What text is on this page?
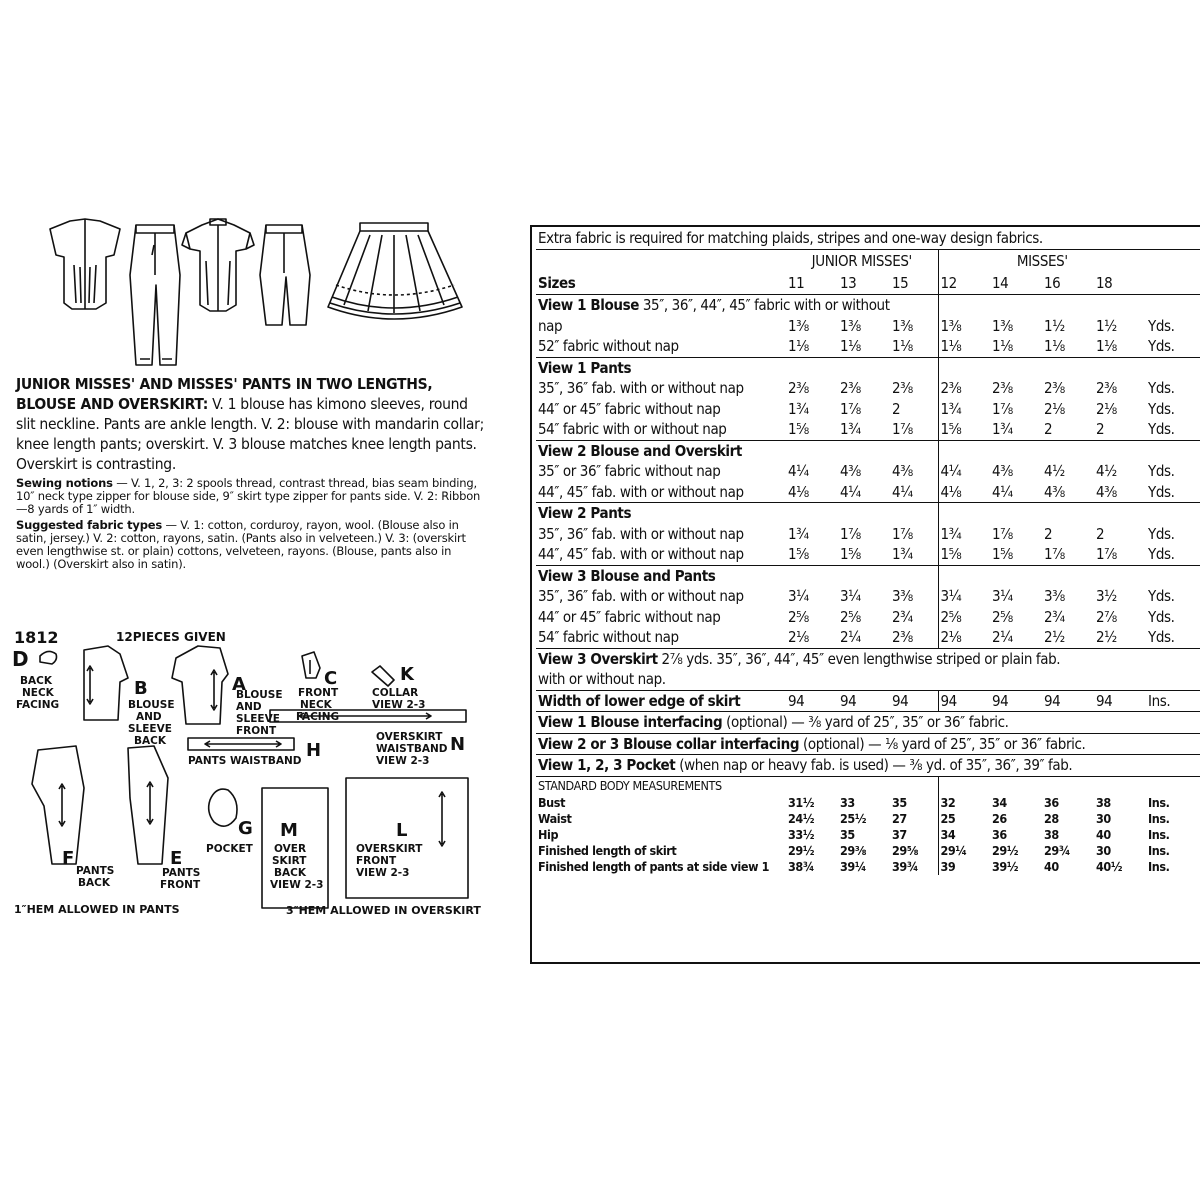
JUNIOR MISSES' AND MISSES' PANTS IN TWO LENGTHS, BLOUSE AND OVERSKIRT: V. 1 blouse has kimono sleeves, round slit neckline. Pants are ankle length. V. 2: blouse with mandarin collar; knee length pants; overskirt. V. 3 blouse matches knee length pants. Overskirt is contrasting.

Sewing notions — V. 1, 2, 3: 2 spools thread, contrast thread, bias seam binding, 10″ neck type zipper for blouse side, 9″ skirt type zipper for pants side. V. 2: Ribbon—8 yards of 1″ width.

Suggested fabric types — V. 1: cotton, corduroy, rayon, wool. (Blouse also in satin, jersey.) V. 2: cotton, rayons, satin. (Pants also in velveteen.) V. 3: (overskirt even lengthwise st. or plain) cottons, velveteen, rayons. (Blouse, pants also in wool.) (Overskirt also in satin).

1812	12PIECES GIVEN
D
BACK
NECK
FACING
B
BLOUSE
AND
SLEEVE
BACK
A
BLOUSE
AND
SLEEVE
FRONT
C
FRONT
NECK
FACING
K
COLLAR
VIEW 2-3
H
PANTS WAISTBAND
N
OVERSKIRT
WAISTBAND
VIEW 2-3
F
PANTS
BACK
E
PANTS
FRONT
G
POCKET
M
OVER
SKIRT
BACK
VIEW 2-3
L
OVERSKIRT
FRONT
VIEW 2-3
1″HEM ALLOWED IN PANTS	3″HEM ALLOWED IN OVERSKIRT
Extra fabric is required for matching plaids, stripes and one-way design fabrics.								
	JUNIOR MISSES'			MISSES'				
Sizes	11	13	15	12	14	16	18	
View 1 Blouse 35″, 36″, 44″, 45″ fabric with or without								
nap	1⅜	1⅜	1⅜	1⅜	1⅜	1½	1½	Yds.
52″ fabric without nap	1⅛	1⅛	1⅛	1⅛	1⅛	1⅛	1⅛	Yds.
View 1 Pants								
35″, 36″ fab. with or without nap	2⅜	2⅜	2⅜	2⅜	2⅜	2⅜	2⅜	Yds.
44″ or 45″ fabric without nap	1¾	1⅞	2	1¾	1⅞	2⅛	2⅛	Yds.
54″ fabric with or without nap	1⅝	1¾	1⅞	1⅝	1¾	2	2	Yds.
View 2 Blouse and Overskirt								
35″ or 36″ fabric without nap	4¼	4⅜	4⅜	4¼	4⅜	4½	4½	Yds.
44″, 45″ fab. with or without nap	4⅛	4¼	4¼	4⅛	4¼	4⅜	4⅜	Yds.
View 2 Pants								
35″, 36″ fab. with or without nap	1¾	1⅞	1⅞	1¾	1⅞	2	2	Yds.
44″, 45″ fab. with or without nap	1⅝	1⅝	1¾	1⅝	1⅝	1⅞	1⅞	Yds.
View 3 Blouse and Pants								
35″, 36″ fab. with or without nap	3¼	3¼	3⅜	3¼	3¼	3⅜	3½	Yds.
44″ or 45″ fabric without nap	2⅝	2⅝	2¾	2⅝	2⅝	2¾	2⅞	Yds.
54″ fabric without nap	2⅛	2¼	2⅜	2⅛	2¼	2½	2½	Yds.
View 3 Overskirt 2⅞ yds. 35″, 36″, 44″, 45″ even lengthwise striped or plain fab.								
with or without nap.								
Width of lower edge of skirt	94	94	94	94	94	94	94	Ins.
View 1 Blouse interfacing (optional) — ⅜ yard of 25″, 35″ or 36″ fabric.								
View 2 or 3 Blouse collar interfacing (optional) — ⅛ yard of 25″, 35″ or 36″ fabric.								
View 1, 2, 3 Pocket (when nap or heavy fab. is used) — ⅜ yd. of 35″, 36″, 39″ fab.								
STANDARD BODY MEASUREMENTS								
Bust	31½	33	35	32	34	36	38	Ins.
Waist	24½	25½	27	25	26	28	30	Ins.
Hip	33½	35	37	34	36	38	40	Ins.
Finished length of skirt	29½	29⅜	29⅝	29¼	29½	29¾	30	Ins.
Finished length of pants at side view 1	38¾	39¼	39¾	39	39½	40	40½	Ins.
